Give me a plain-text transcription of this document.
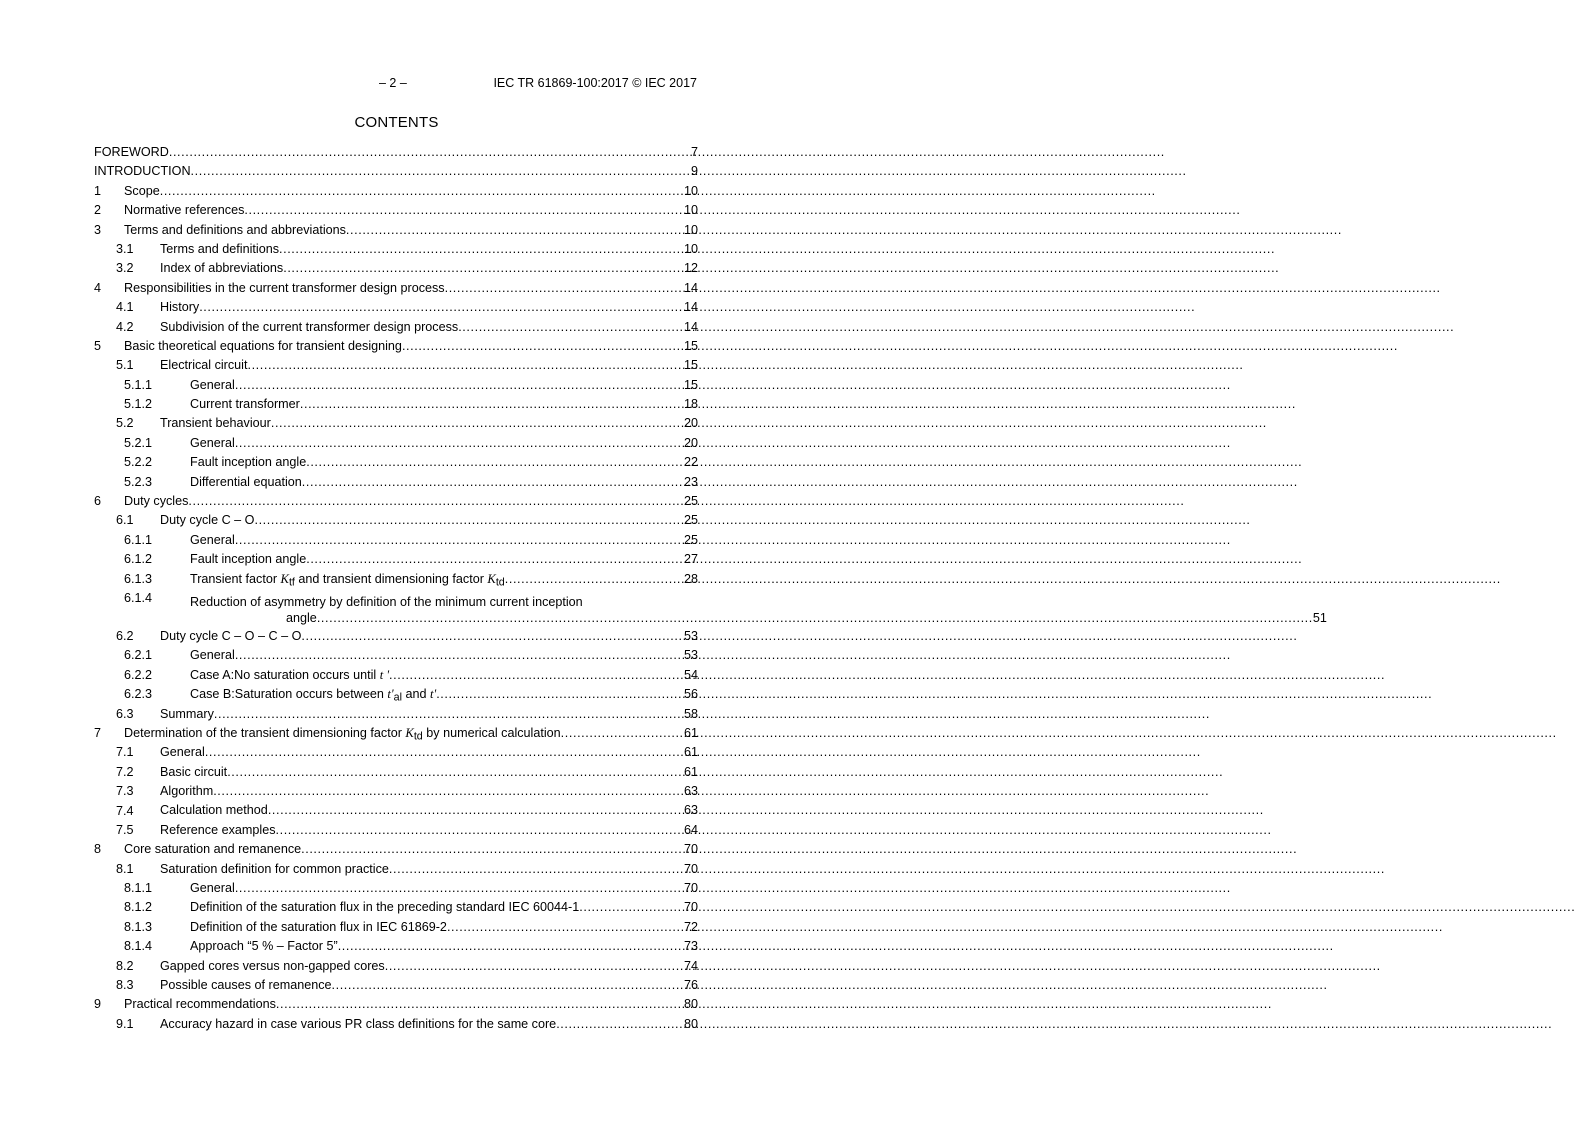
– 2 –	IEC TR 61869-100:2017 © IEC 2017
CONTENTS
FOREWORD .....	7
INTRODUCTION .....	9
1	Scope .....	10
2	Normative references .....	10
3	Terms and definitions and abbreviations .....	10
3.1	Terms and definitions .....	10
3.2	Index of abbreviations .....	12
4	Responsibilities in the current transformer design process .....	14
4.1	History .....	14
4.2	Subdivision of the current transformer design process .....	14
5	Basic theoretical equations for transient designing .....	15
5.1	Electrical circuit .....	15
5.1.1	General .....	15
5.1.2	Current transformer .....	18
5.2	Transient behaviour .....	20
5.2.1	General .....	20
5.2.2	Fault inception angle .....	22
5.2.3	Differential equation .....	23
6	Duty cycles .....	25
6.1	Duty cycle C – O .....	25
6.1.1	General .....	25
6.1.2	Fault inception angle .....	27
6.1.3	Transient factor $K_{tf}$ and transient dimensioning factor $K_{td}$ .....	28
6.1.4	Reduction of asymmetry by definition of the minimum current inception
angle .....	51
6.2	Duty cycle C – O – C – O .....	53
6.2.1	General .....	53
6.2.2	Case A:No saturation occurs until t ' .....	54
6.2.3	Case B:Saturation occurs between $t'_{al}$ and t' .....	56
6.3	Summary .....	58
7	Determination of the transient dimensioning factor $K_{td}$ by numerical calculation .....	61
7.1	General .....	61
7.2	Basic circuit .....	61
7.3	Algorithm .....	63
7.4	Calculation method .....	63
7.5	Reference examples .....	64
8	Core saturation and remanence .....	70
8.1	Saturation definition for common practice .....	70
8.1.1	General .....	70
8.1.2	Definition of the saturation flux in the preceding standard IEC 60044-1 .....	70
8.1.3	Definition of the saturation flux in IEC 61869-2 .....	72
8.1.4	Approach “5 % – Factor 5” .....	73
8.2	Gapped cores versus non-gapped cores .....	74
8.3	Possible causes of remanence .....	76
9	Practical recommendations .....	80
9.1	Accuracy hazard in case various PR class definitions for the same core .....	80
